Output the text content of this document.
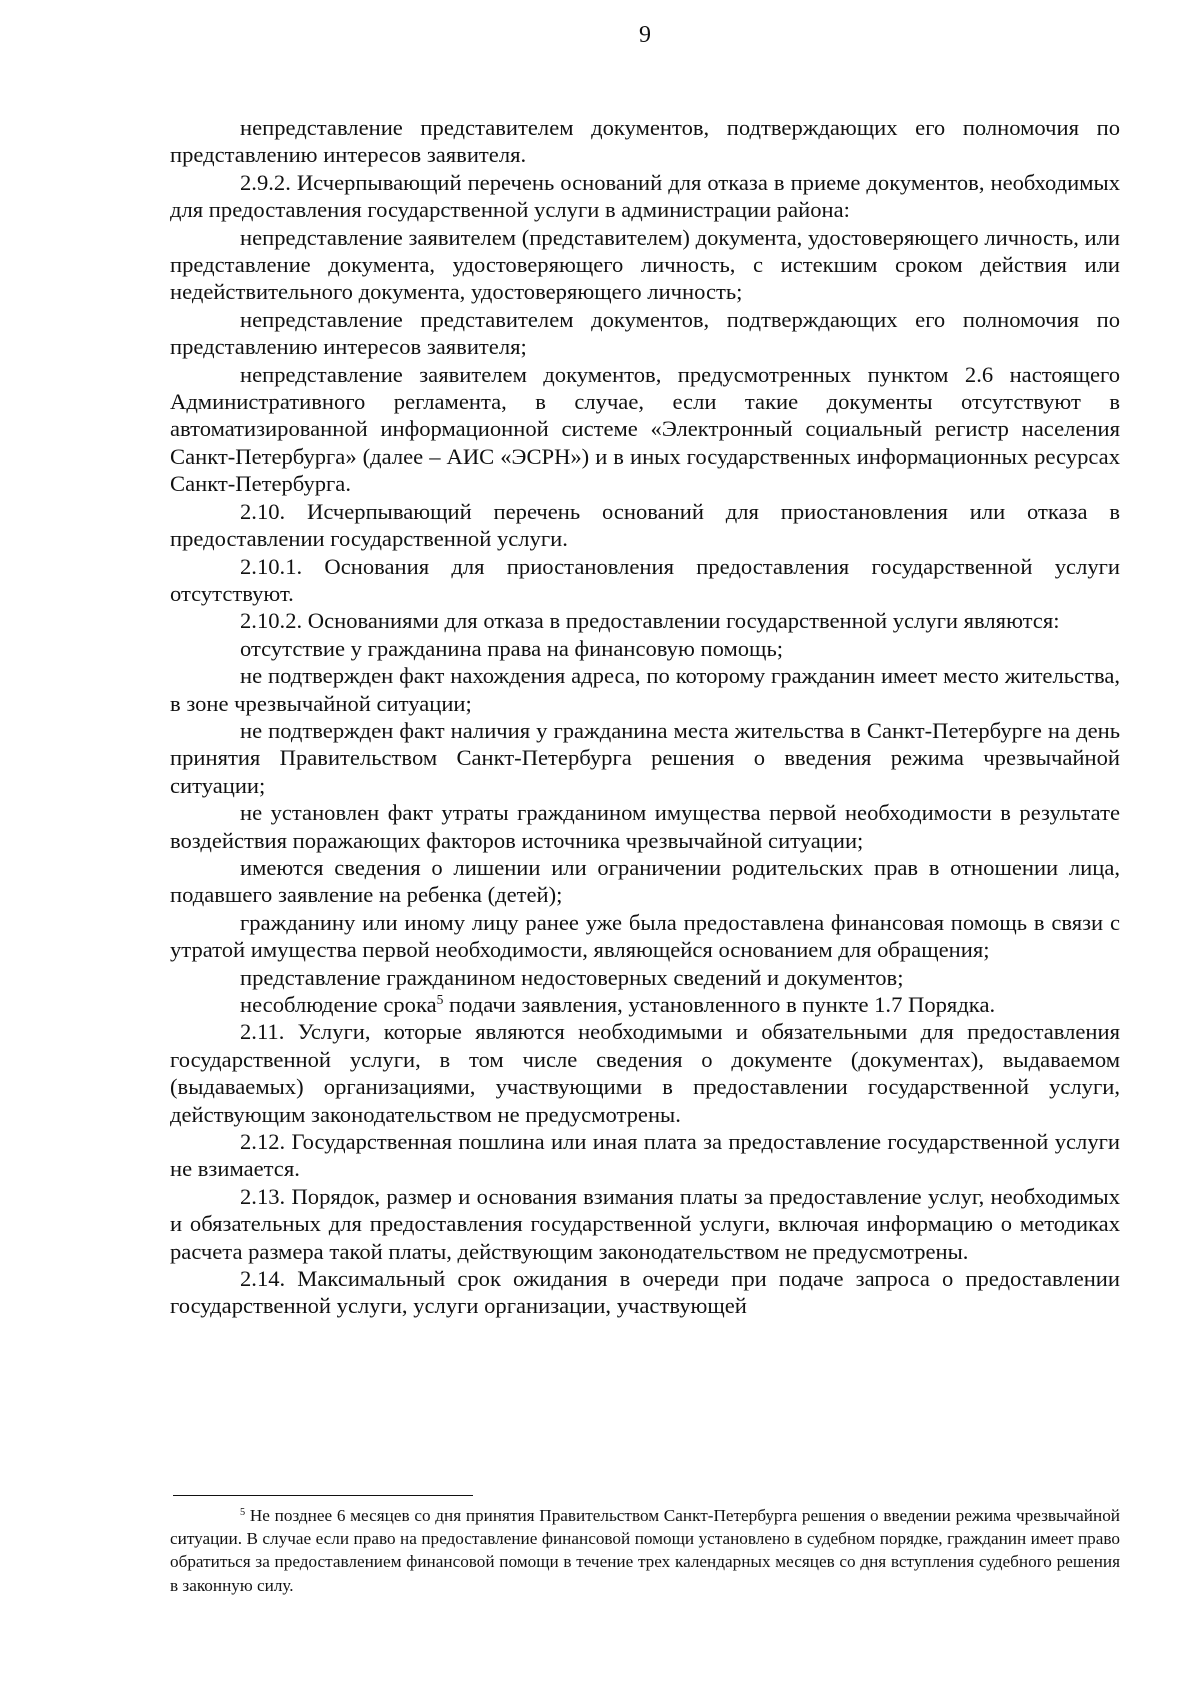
9

непредставление представителем документов, подтверждающих его полномочия по представлению интересов заявителя.

2.9.2. Исчерпывающий перечень оснований для отказа в приеме документов, необходимых для предоставления государственной услуги в администрации района:

непредставление заявителем (представителем) документа, удостоверяющего личность, или представление документа, удостоверяющего личность, с истекшим сроком действия или недействительного документа, удостоверяющего личность;

непредставление представителем документов, подтверждающих его полномочия по представлению интересов заявителя;

непредставление заявителем документов, предусмотренных пунктом 2.6 настоящего Административного регламента, в случае, если такие документы отсутствуют в автоматизированной информационной системе «Электронный социальный регистр населения Санкт-Петербурга» (далее – АИС «ЭСРН») и в иных государственных информационных ресурсах Санкт-Петербурга.

2.10. Исчерпывающий перечень оснований для приостановления или отказа в предоставлении государственной услуги.

2.10.1. Основания для приостановления предоставления государственной услуги отсутствуют.

2.10.2. Основаниями для отказа в предоставлении государственной услуги являются:

отсутствие у гражданина права на финансовую помощь;

не подтвержден факт нахождения адреса, по которому гражданин имеет место жительства, в зоне чрезвычайной ситуации;

не подтвержден факт наличия у гражданина места жительства в Санкт-Петербурге на день принятия Правительством Санкт-Петербурга решения о введения режима чрезвычайной ситуации;

не установлен факт утраты гражданином имущества первой необходимости в результате воздействия поражающих факторов источника чрезвычайной ситуации;

имеются сведения о лишении или ограничении родительских прав в отношении лица, подавшего заявление на ребенка (детей);

гражданину или иному лицу ранее уже была предоставлена финансовая помощь в связи с утратой имущества первой необходимости, являющейся основанием для обращения;

представление гражданином недостоверных сведений и документов;

несоблюдение срока$^5$ подачи заявления, установленного в пункте 1.7 Порядка.

2.11. Услуги, которые являются необходимыми и обязательными для предоставления государственной услуги, в том числе сведения о документе (документах), выдаваемом (выдаваемых) организациями, участвующими в предоставлении государственной услуги, действующим законодательством не предусмотрены.

2.12. Государственная пошлина или иная плата за предоставление государственной услуги не взимается.

2.13. Порядок, размер и основания взимания платы за предоставление услуг, необходимых и обязательных для предоставления государственной услуги, включая информацию о методиках расчета размера такой платы, действующим законодательством не предусмотрены.

2.14. Максимальный срок ожидания в очереди при подаче запроса о предоставлении государственной услуги, услуги организации, участвующей

$^5$ Не позднее 6 месяцев со дня принятия Правительством Санкт-Петербурга решения о введении режима чрезвычайной ситуации. В случае если право на предоставление финансовой помощи установлено в судебном порядке, гражданин имеет право обратиться за предоставлением финансовой помощи в течение трех календарных месяцев со дня вступления судебного решения в законную силу.
